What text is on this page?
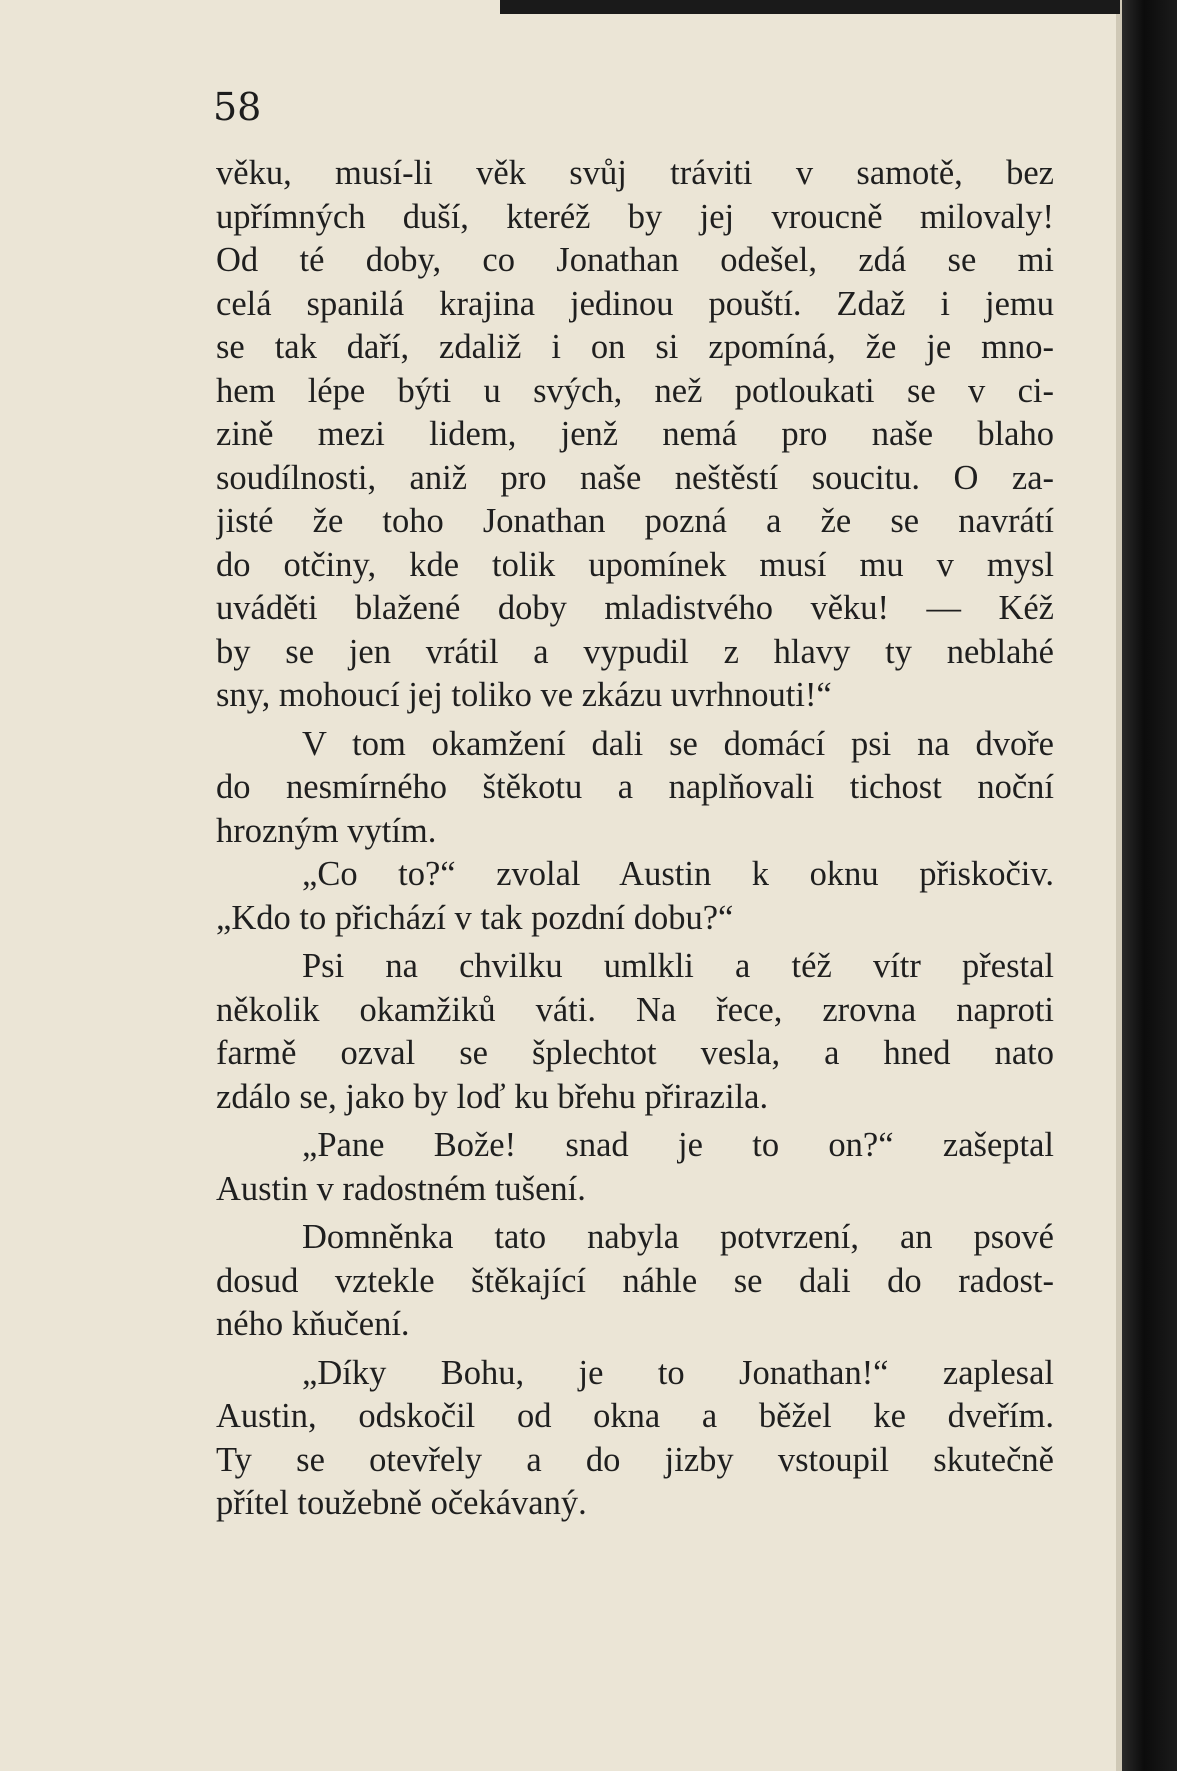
58
věku, musí-li věk svůj tráviti v samotě, bez
upřímných duší, kteréž by jej vroucně milovaly!
Od té doby, co Jonathan odešel, zdá se mi
celá spanilá krajina jedinou pouští. Zdaž i jemu
se tak daří, zdaliž i on si zpomíná, že je mno-
hem lépe býti u svých, než potloukati se v ci-
zině mezi lidem, jenž nemá pro naše blaho
soudílnosti, aniž pro naše neštěstí soucitu. O za-
jisté že toho Jonathan pozná a že se navrátí
do otčiny, kde tolik upomínek musí mu v mysl
uváděti blažené doby mladistvého věku! — Kéž
by se jen vrátil a vypudil z hlavy ty neblahé
sny, mohoucí jej toliko ve zkázu uvrhnouti!“
V tom okamžení dali se domácí psi na dvoře
do nesmírného štěkotu a naplňovali tichost noční
hrozným vytím.
„Co to?“ zvolal Austin k oknu přiskočiv.
„Kdo to přichází v tak pozdní dobu?“
Psi na chvilku umlkli a též vítr přestal
několik okamžiků váti. Na řece, zrovna naproti
farmě ozval se šplechtot vesla, a hned nato
zdálo se, jako by loď ku břehu přirazila.
„Pane Bože! snad je to on?“ zašeptal
Austin v radostném tušení.
Domněnka tato nabyla potvrzení, an psové
dosud vztekle štěkající náhle se dali do radost-
ného kňučení.
„Díky Bohu, je to Jonathan!“ zaplesal
Austin, odskočil od okna a běžel ke dveřím.
Ty se otevřely a do jizby vstoupil skutečně
přítel toužebně očekávaný.
